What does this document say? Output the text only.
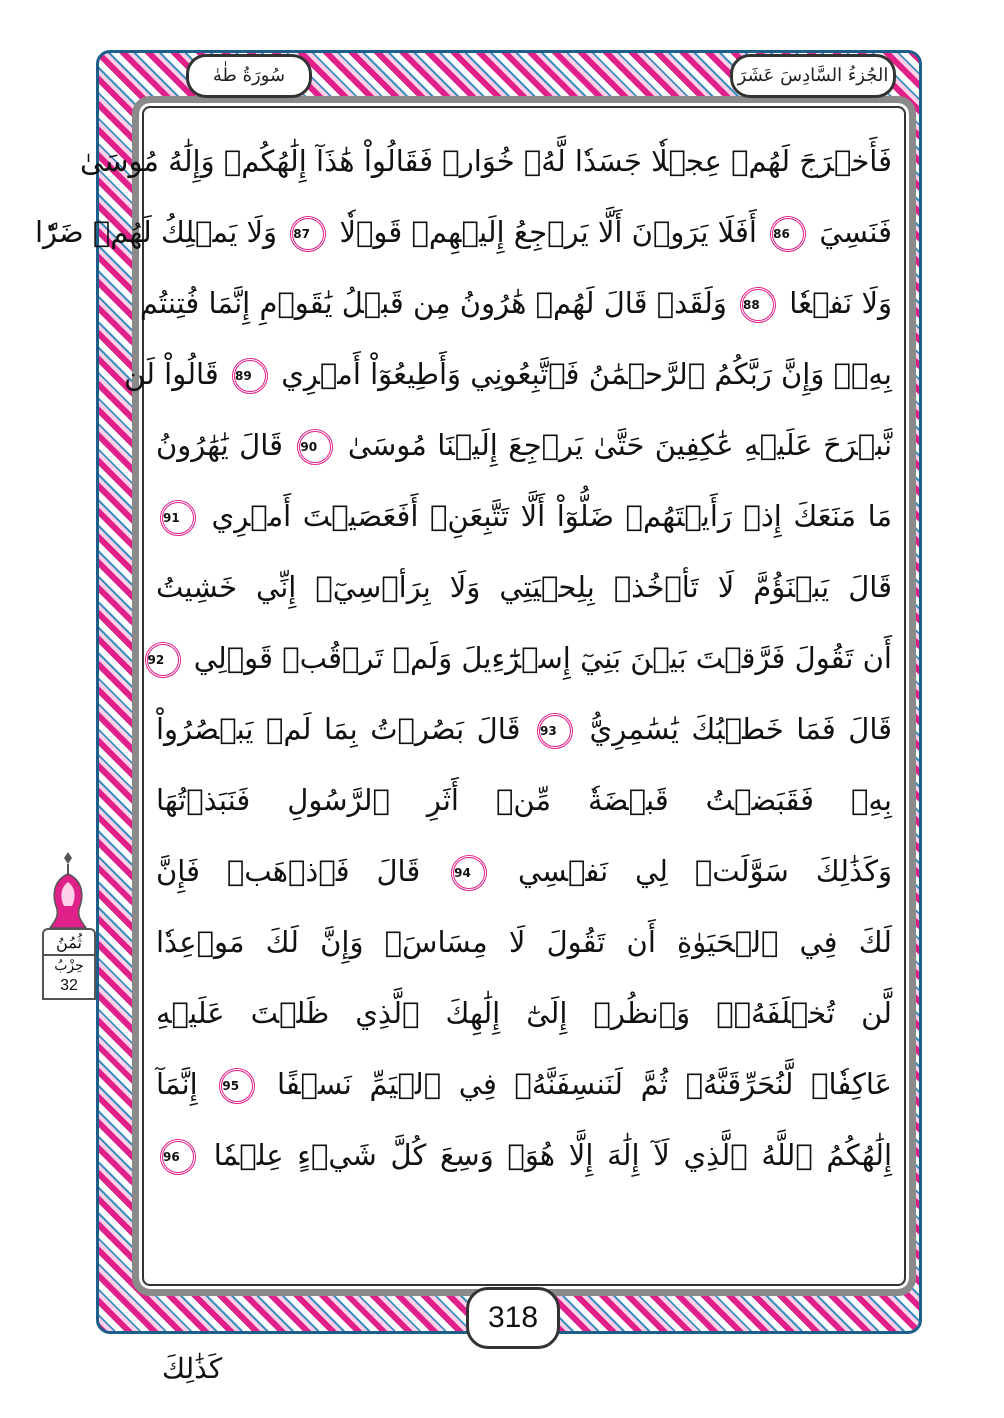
الجُزءُ السَّادِسَ عَشَرَ
سُورَةُ طٰهٰ
فَأَخۡرَجَ لَهُمۡ عِجۡلٗا جَسَدٗا لَّهُۥ خُوَارٞ فَقَالُواْ هَٰذَآ إِلَٰهُكُمۡ وَإِلَٰهُ مُوسَىٰ
فَنَسِيَ 86 أَفَلَا يَرَوۡنَ أَلَّا يَرۡجِعُ إِلَيۡهِمۡ قَوۡلٗا 87 وَلَا يَمۡلِكُ لَهُمۡ ضَرّٗا
وَلَا نَفۡعٗا 88 وَلَقَدۡ قَالَ لَهُمۡ هَٰرُونُ مِن قَبۡلُ يَٰقَوۡمِ إِنَّمَا فُتِنتُم
بِهِۦۖ وَإِنَّ رَبَّكُمُ ٱلرَّحۡمَٰنُ فَٱتَّبِعُونِي وَأَطِيعُوٓاْ أَمۡرِي 89 قَالُواْ لَن
نَّبۡرَحَ عَلَيۡهِ عَٰكِفِينَ حَتَّىٰ يَرۡجِعَ إِلَيۡنَا مُوسَىٰ 90 قَالَ يَٰهَٰرُونُ
مَا مَنَعَكَ إِذۡ رَأَيۡتَهُمۡ ضَلُّوٓاْ أَلَّا تَتَّبِعَنِۖ أَفَعَصَيۡتَ أَمۡرِي 91
قَالَ يَبۡنَؤُمَّ لَا تَأۡخُذۡ بِلِحۡيَتِي وَلَا بِرَأۡسِيٓۖ إِنِّي خَشِيتُ
أَن تَقُولَ فَرَّقۡتَ بَيۡنَ بَنِيٓ إِسۡرَٰٓءِيلَ وَلَمۡ تَرۡقُبۡ قَوۡلِي 92
قَالَ فَمَا خَطۡبُكَ يَٰسَٰمِرِيُّ 93 قَالَ بَصُرۡتُ بِمَا لَمۡ يَبۡصُرُواْ
بِهِۦ فَقَبَضۡتُ قَبۡضَةٗ مِّنۡ أَثَرِ ٱلرَّسُولِ فَنَبَذۡتُهَا
وَكَذَٰلِكَ سَوَّلَتۡ لِي نَفۡسِي 94 قَالَ فَٱذۡهَبۡ فَإِنَّ
لَكَ فِي ٱلۡحَيَوٰةِ أَن تَقُولَ لَا مِسَاسَۖ وَإِنَّ لَكَ مَوۡعِدٗا
لَّن تُخۡلَفَهُۥۖ وَٱنظُرۡ إِلَىٰٓ إِلَٰهِكَ ٱلَّذِي ظَلۡتَ عَلَيۡهِ
عَاكِفٗاۖ لَّنُحَرِّقَنَّهُۥ ثُمَّ لَنَنسِفَنَّهُۥ فِي ٱلۡيَمِّ نَسۡفًا 95 إِنَّمَآ
إِلَٰهُكُمُ ٱللَّهُ ٱلَّذِي لَآ إِلَٰهَ إِلَّا هُوَۚ وَسِعَ كُلَّ شَيۡءٍ عِلۡمٗا 96
318
كَذَٰلِكَ
ثُمُنُ
حِزْبُ
32
